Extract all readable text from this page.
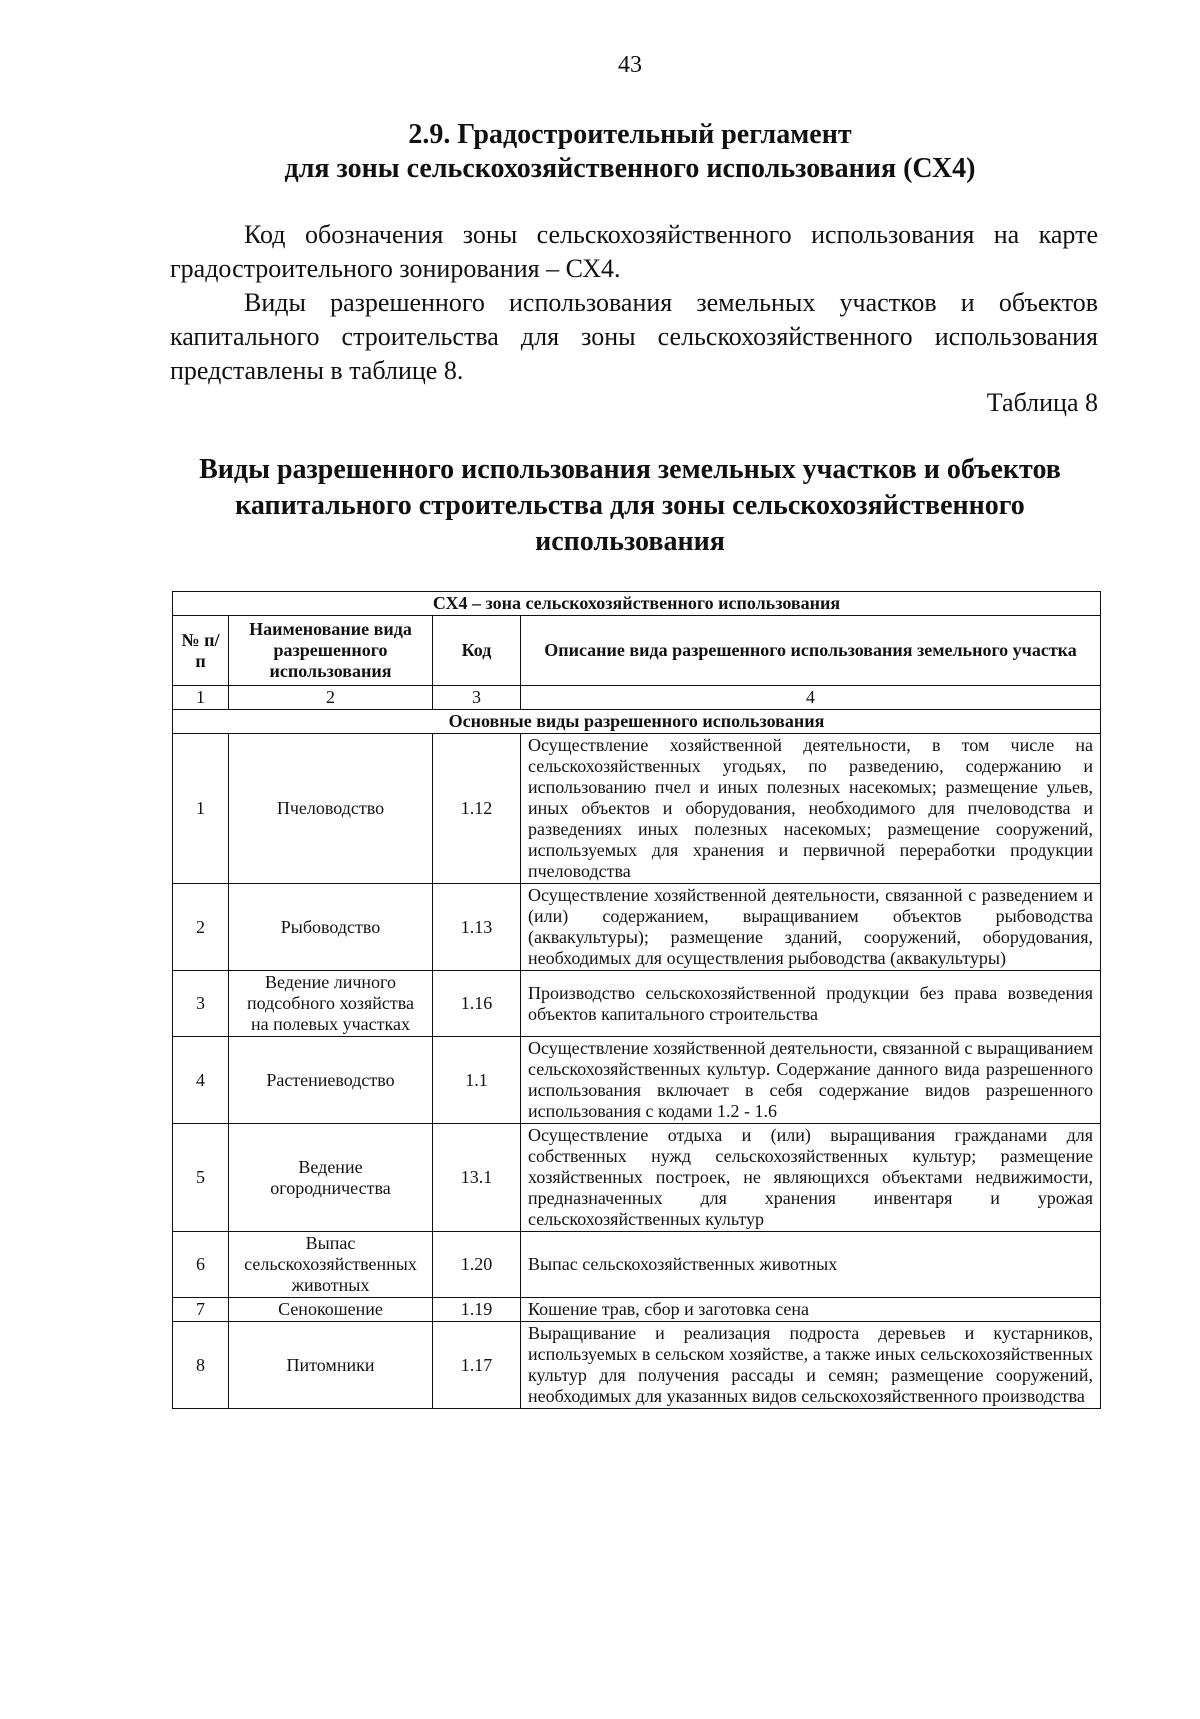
43
2.9. Градостроительный регламент
для зоны сельскохозяйственного использования (СХ4)

Код обозначения зоны сельскохозяйственного использования на карте градостроительного зонирования – СХ4.

Виды разрешенного использования земельных участков и объектов капитального строительства для зоны сельскохозяйственного использования представлены в таблице 8.

Таблица 8
Виды разрешенного использования земельных участков и объектов капитального строительства для зоны сельскохозяйственного использования
СХ4 – зона сельскохозяйственного использования			
№ п/п	Наименование вида разрешенного использования	Код	Описание вида разрешенного использования земельного участка
1	2	3	4
Основные виды разрешенного использования			
1	Пчеловодство	1.12	Осуществление хозяйственной деятельности, в том числе на сельскохозяйственных угодьях, по разведению, содержанию и использованию пчел и иных полезных насекомых; размещение ульев, иных объектов и оборудования, необходимого для пчеловодства и разведениях иных полезных насекомых; размещение сооружений, используемых для хранения и первичной переработки продукции пчеловодства
2	Рыбоводство	1.13	Осуществление хозяйственной деятельности, связанной с разведением и (или) содержанием, выращиванием объектов рыбоводства (аквакультуры); размещение зданий, сооружений, оборудования, необходимых для осуществления рыбоводства (аквакультуры)
3	Ведение личного подсобного хозяйства на полевых участках	1.16	Производство сельскохозяйственной продукции без права возведения объектов капитального строительства
4	Растениеводство	1.1	Осуществление хозяйственной деятельности, связанной с выращиванием сельскохозяйственных культур. Содержание данного вида разрешенного использования включает в себя содержание видов разрешенного использования с кодами 1.2 - 1.6
5	Ведение огородничества	13.1	Осуществление отдыха и (или) выращивания гражданами для собственных нужд сельскохозяйственных культур; размещение хозяйственных построек, не являющихся объектами недвижимости, предназначенных для хранения инвентаря и урожая сельскохозяйственных культур
6	Выпас сельскохозяйственных животных	1.20	Выпас сельскохозяйственных животных
7	Сенокошение	1.19	Кошение трав, сбор и заготовка сена
8	Питомники	1.17	Выращивание и реализация подроста деревьев и кустарников, используемых в сельском хозяйстве, а также иных сельскохозяйственных культур для получения рассады и семян; размещение сооружений, необходимых для указанных видов сельскохозяйственного производства
